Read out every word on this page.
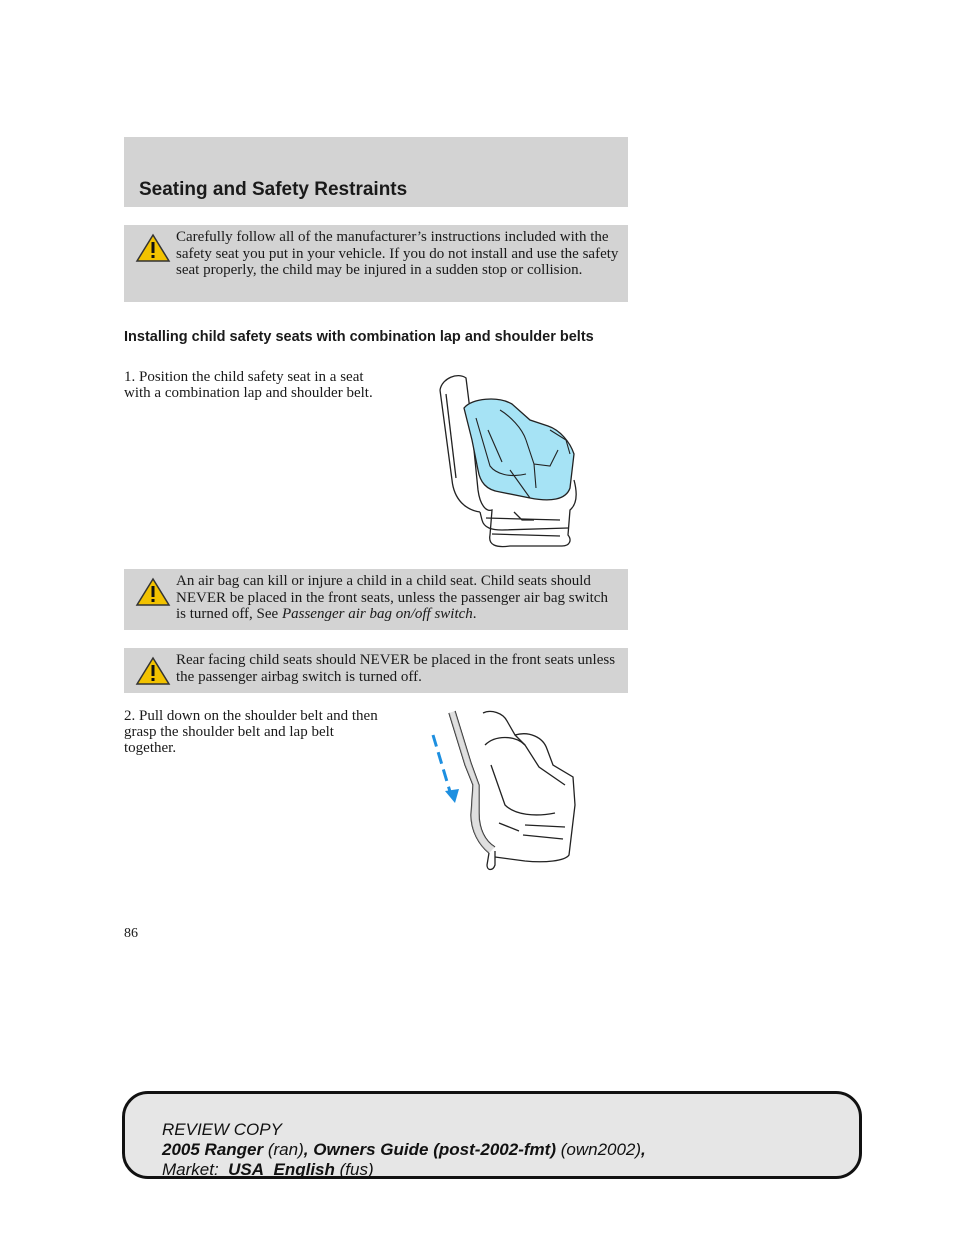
Seating and Safety Restraints
Carefully follow all of the manufacturer’s instructions included with the safety seat you put in your vehicle. If you do not install and use the safety seat properly, the child may be injured in a sudden stop or collision.
Installing child safety seats with combination lap and shoulder belts
1. Position the child safety seat in a seat with a combination lap and shoulder belt.
An air bag can kill or injure a child in a child seat. Child seats should NEVER be placed in the front seats, unless the passenger air bag switch is turned off, See Passenger air bag on/off switch.
Rear facing child seats should NEVER be placed in the front seats unless the passenger airbag switch is turned off.
2. Pull down on the shoulder belt and then grasp the shoulder belt and lap belt together.
86
REVIEW COPY
2005 Ranger (ran), Owners Guide (post-2002-fmt) (own2002),
Market: USA_English (fus)
